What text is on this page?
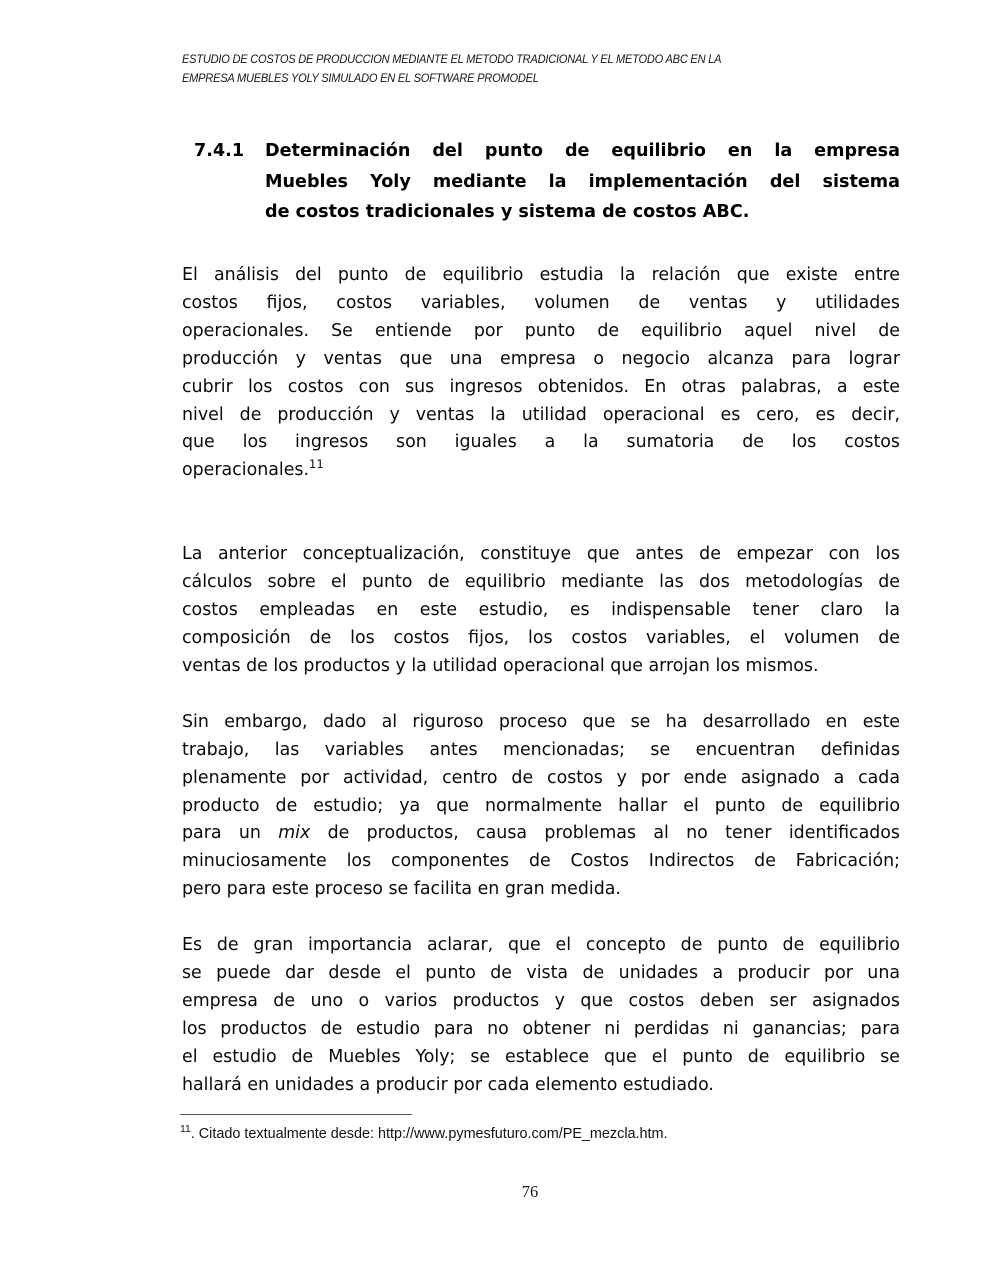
ESTUDIO DE COSTOS DE PRODUCCION MEDIANTE EL METODO TRADICIONAL Y EL METODO ABC EN LA
EMPRESA MUEBLES YOLY SIMULADO EN EL SOFTWARE PROMODEL
7.4.1	Determinación del punto de equilibrio en la empresa
Muebles Yoly mediante la implementación del sistema
de costos tradicionales y sistema de costos ABC.
El análisis del punto de equilibrio estudia la relación que existe entre
costos fijos, costos variables, volumen de ventas y utilidades
operacionales. Se entiende por punto de equilibrio aquel nivel de
producción y ventas que una empresa o negocio alcanza para lograr
cubrir los costos con sus ingresos obtenidos. En otras palabras, a este
nivel de producción y ventas la utilidad operacional es cero, es decir,
que los ingresos son iguales a la sumatoria de los costos
operacionales.$^{11}$
La anterior conceptualización, constituye que antes de empezar con los
cálculos sobre el punto de equilibrio mediante las dos metodologías de
costos empleadas en este estudio, es indispensable tener claro la
composición de los costos fijos, los costos variables, el volumen de
ventas de los productos y la utilidad operacional que arrojan los mismos.
Sin embargo, dado al riguroso proceso que se ha desarrollado en este
trabajo, las variables antes mencionadas; se encuentran definidas
plenamente por actividad, centro de costos y por ende asignado a cada
producto de estudio; ya que normalmente hallar el punto de equilibrio
para un mix de productos, causa problemas al no tener identificados
minuciosamente los componentes de Costos Indirectos de Fabricación;
pero para este proceso se facilita en gran medida.
Es de gran importancia aclarar, que el concepto de punto de equilibrio
se puede dar desde el punto de vista de unidades a producir por una
empresa de uno o varios productos y que costos deben ser asignados
los productos de estudio para no obtener ni perdidas ni ganancias; para
el estudio de Muebles Yoly; se establece que el punto de equilibrio se
hallará en unidades a producir por cada elemento estudiado.
$^{11}$. Citado textualmente desde: http://www.pymesfuturo.com/PE_mezcla.htm.
76
